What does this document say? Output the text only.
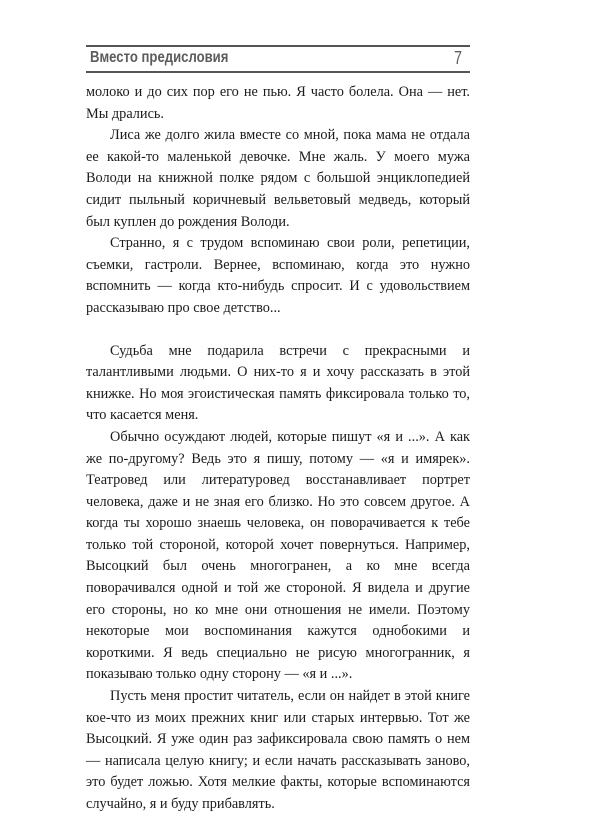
Вместо предисловия	7

молоко и до сих пор его не пью. Я часто болела. Она — нет. Мы дрались.

Лиса же долго жила вместе со мной, пока мама не отдала ее какой-то маленькой девочке. Мне жаль. У моего мужа Володи на книжной полке рядом с большой энциклопедией сидит пыльный коричневый вельветовый медведь, который был куплен до рождения Володи.

Странно, я с трудом вспоминаю свои роли, репетиции, съемки, гастроли. Вернее, вспоминаю, когда это нужно вспомнить — когда кто-нибудь спросит. И с удовольствием рассказываю про свое детство...

Судьба мне подарила встречи с прекрасными и талантливыми людьми. О них-то я и хочу рассказать в этой книжке. Но моя эгоистическая память фиксировала только то, что касается меня.

Обычно осуждают людей, которые пишут «я и ...». А как же по-другому? Ведь это я пишу, потому — «я и имярек». Театровед или литературовед восстанавливает портрет человека, даже и не зная его близко. Но это совсем другое. А когда ты хорошо знаешь человека, он поворачивается к тебе только той стороной, которой хочет повернуться. Например, Высоцкий был очень многогранен, а ко мне всегда поворачивался одной и той же стороной. Я видела и другие его стороны, но ко мне они отношения не имели. Поэтому некоторые мои воспоминания кажутся однобокими и короткими. Я ведь специально не рисую многогранник, я показываю только одну сторону — «я и ...».

Пусть меня простит читатель, если он найдет в этой книге кое-что из моих прежних книг или старых интервью. Тот же Высоцкий. Я уже один раз зафиксировала свою память о нем — написала целую книгу; и если начать рассказывать заново, это будет ложью. Хотя мелкие факты, которые вспоминаются случайно, я и буду прибавлять.
